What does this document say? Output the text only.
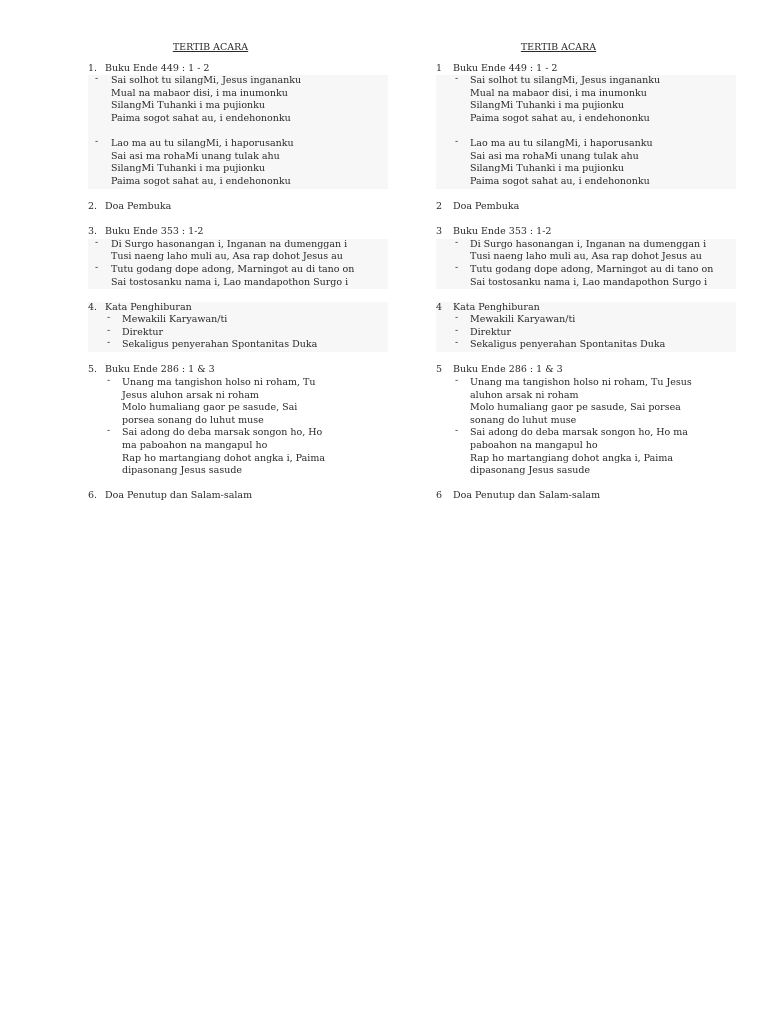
TERTIB ACARA
1. Buku Ende 449 : 1 - 2
- Sai solhot tu silangMi, Jesus ingananku
Mual na mabaor disi, i ma inumonku
SilangMi Tuhanki i ma pujionku
Paima sogot sahat au, i endehononku
- Lao ma au tu silangMi, i haporusanku
Sai asi ma rohaMi unang tulak ahu
SilangMi Tuhanki i ma pujionku
Paima sogot sahat au, i endehononku
2. Doa Pembuka
3. Buku Ende 353 : 1-2
- Di Surgo hasonangan i, Inganan na dumenggan i
Tusi naeng laho muli au, Asa rap dohot Jesus au
- Tutu godang dope adong, Marningot au di tano on
Sai tostosanku nama i, Lao mandapothon Surgo i
4. Kata Penghiburan
- Mewakili Karyawan/ti
- Direktur
- Sekaligus penyerahan Spontanitas Duka
5. Buku Ende 286 : 1 & 3
- Unang ma tangishon holso ni roham, Tu Jesus aluhon arsak ni roham
Molo humaliang gaor pe sasude, Sai porsea sonang do luhut muse
- Sai adong do deba marsak songon ho, Ho ma paboahon na mangapul ho
Rap ho martangiang dohot angka i, Paima dipasonang Jesus sasude
6. Doa Penutup dan Salam-salam
TERTIB ACARA
1 Buku Ende 449 : 1 - 2
- Sai solhot tu silangMi, Jesus ingananku
Mual na mabaor disi, i ma inumonku
SilangMi Tuhanki i ma pujionku
Paima sogot sahat au, i endehononku
- Lao ma au tu silangMi, i haporusanku
Sai asi ma rohaMi unang tulak ahu
SilangMi Tuhanki i ma pujionku
Paima sogot sahat au, i endehononku
2 Doa Pembuka
3 Buku Ende 353 : 1-2
- Di Surgo hasonangan i, Inganan na dumenggan i
Tusi naeng laho muli au, Asa rap dohot Jesus au
- Tutu godang dope adong, Marningot au di tano on
Sai tostosanku nama i, Lao mandapothon Surgo i
4 Kata Penghiburan
- Mewakili Karyawan/ti
- Direktur
- Sekaligus penyerahan Spontanitas Duka
5 Buku Ende 286 : 1 & 3
- Unang ma tangishon holso ni roham, Tu Jesus aluhon arsak ni roham
Molo humaliang gaor pe sasude, Sai porsea sonang do luhut muse
- Sai adong do deba marsak songon ho, Ho ma paboahon na mangapul ho
Rap ho martangiang dohot angka i, Paima dipasonang Jesus sasude
6 Doa Penutup dan Salam-salam
